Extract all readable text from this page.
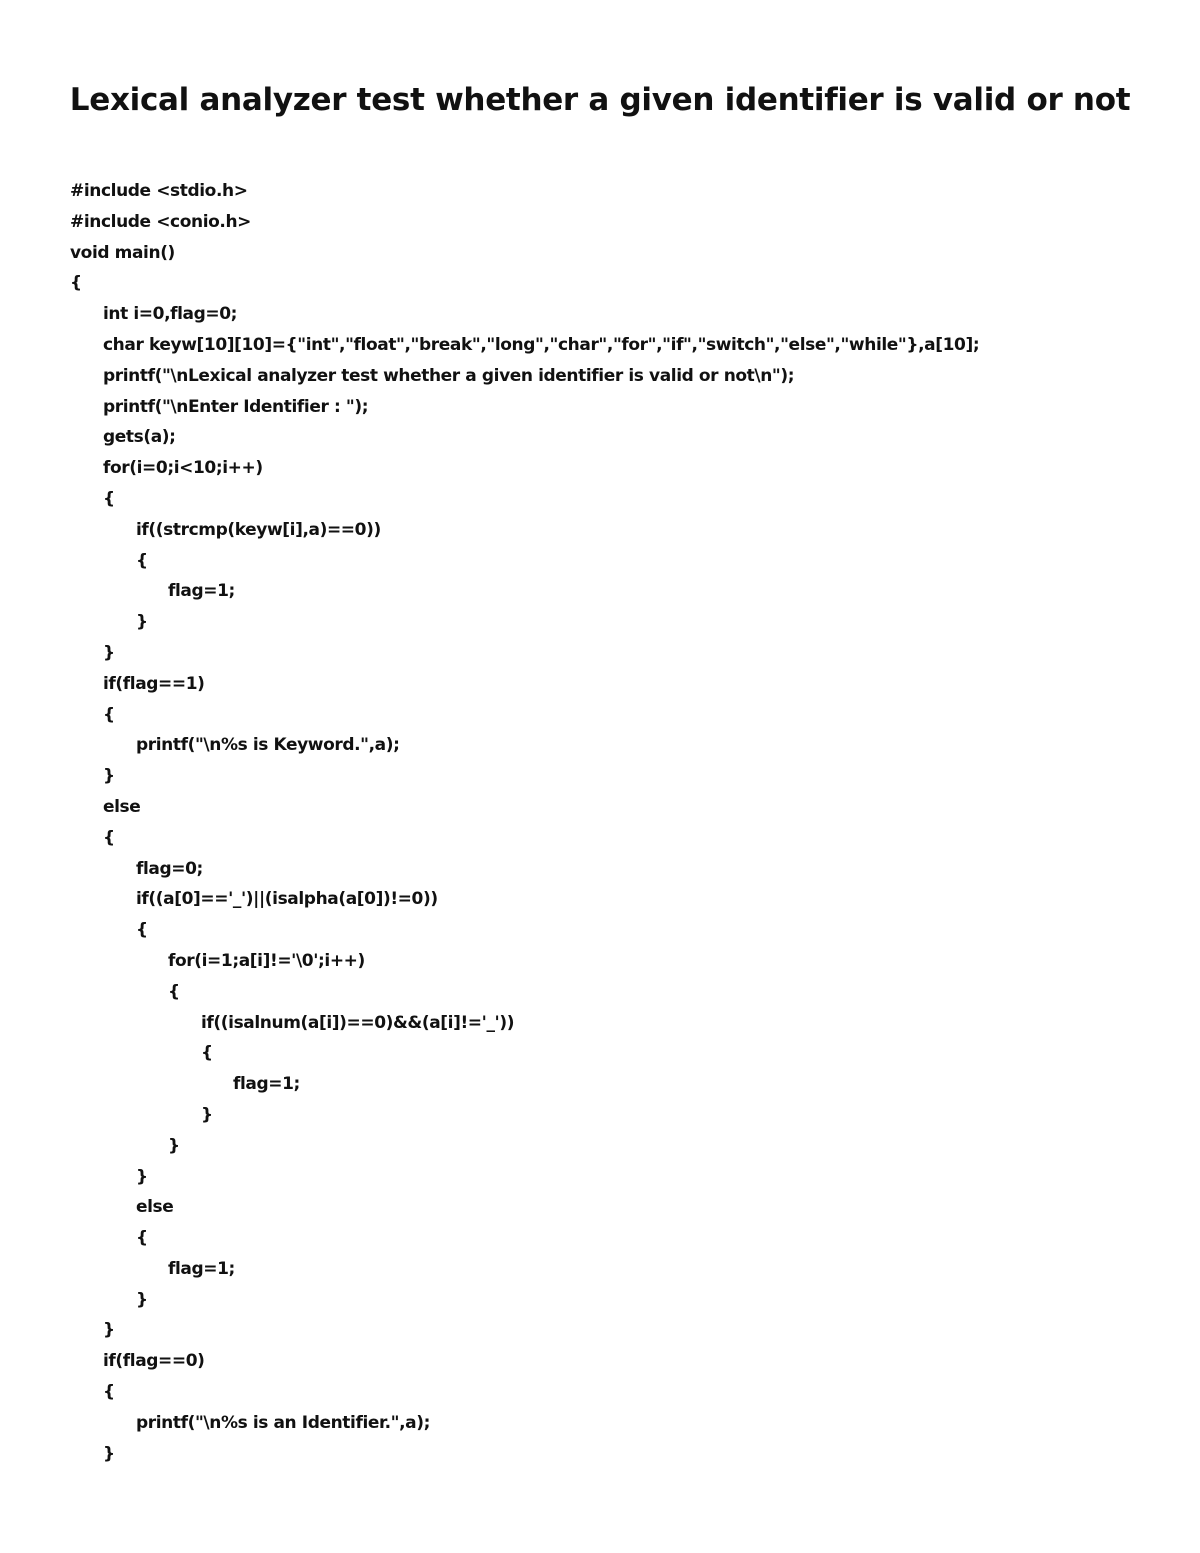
Lexical analyzer test whether a given identifier is valid or not
#include <stdio.h>
#include <conio.h>
void main()
{
int i=0,flag=0;
char keyw[10][10]={"int","float","break","long","char","for","if","switch","else","while"},a[10];
printf("\nLexical analyzer test whether a given identifier is valid or not\n");
printf("\nEnter Identifier : ");
gets(a);
for(i=0;i<10;i++)
{
if((strcmp(keyw[i],a)==0))
{
flag=1;
}
}
if(flag==1)
{
printf("\n%s is Keyword.",a);
}
else
{
flag=0;
if((a[0]=='_')||(isalpha(a[0])!=0))
{
for(i=1;a[i]!='\0';i++)
{
if((isalnum(a[i])==0)&&(a[i]!='_'))
{
flag=1;
}
}
}
else
{
flag=1;
}
}
if(flag==0)
{
printf("\n%s is an Identifier.",a);
}
